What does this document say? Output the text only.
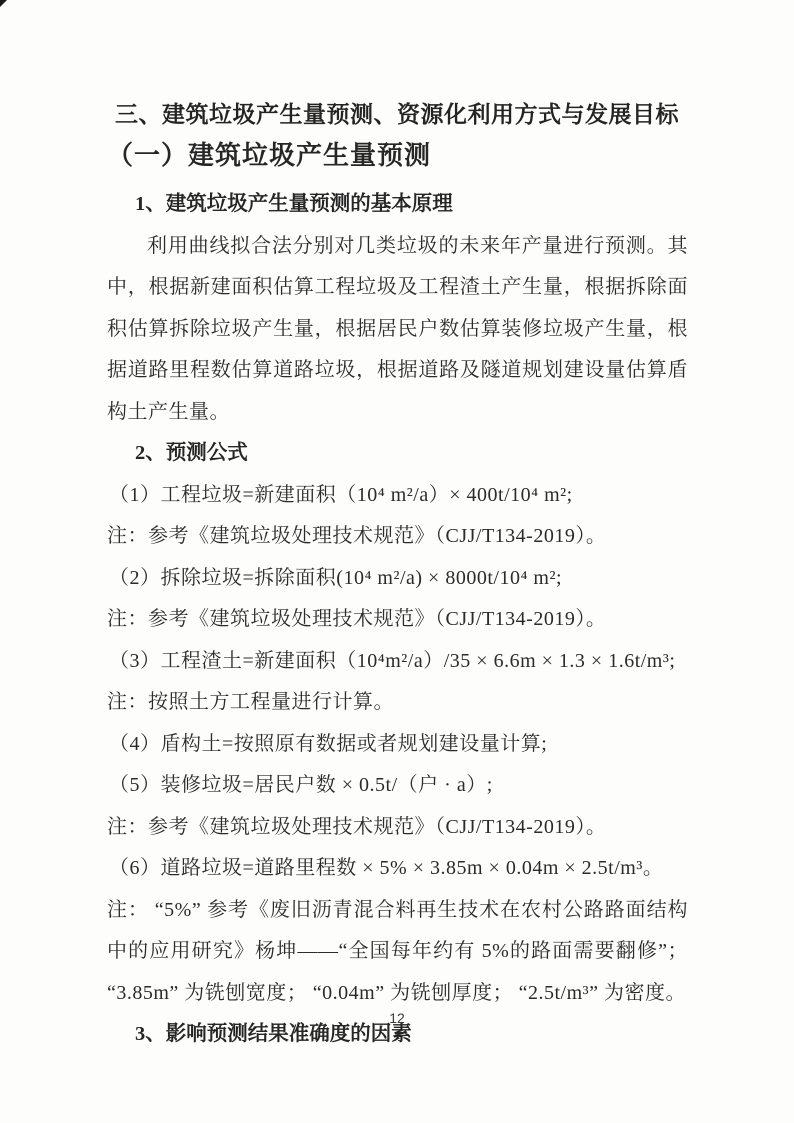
三、建筑垃圾产生量预测、资源化利用方式与发展目标
（一）建筑垃圾产生量预测
1、建筑垃圾产生量预测的基本原理

利用曲线拟合法分别对几类垃圾的未来年产量进行预测。其中，根据新建面积估算工程垃圾及工程渣土产生量，根据拆除面积估算拆除垃圾产生量，根据居民户数估算装修垃圾产生量，根据道路里程数估算道路垃圾，根据道路及隧道规划建设量估算盾构土产生量。

2、预测公式

（1）工程垃圾=新建面积（10⁴ m²/a）× 400t/10⁴ m²;

注：参考《建筑垃圾处理技术规范》（CJJ/T134-2019）。

（2）拆除垃圾=拆除面积(10⁴ m²/a) × 8000t/10⁴ m²;

注：参考《建筑垃圾处理技术规范》（CJJ/T134-2019）。

（3）工程渣土=新建面积（10⁴m²/a）/35 × 6.6m × 1.3 × 1.6t/m³;

注：按照土方工程量进行计算。

（4）盾构土=按照原有数据或者规划建设量计算;

（5）装修垃圾=居民户数 × 0.5t/（户 · a）;

注：参考《建筑垃圾处理技术规范》（CJJ/T134-2019）。

（6）道路垃圾=道路里程数 × 5% × 3.85m × 0.04m × 2.5t/m³。

注： “5%” 参考《废旧沥青混合料再生技术在农村公路路面结构中的应用研究》杨坤——“全国每年约有 5%的路面需要翻修”； “3.85m” 为铣刨宽度； “0.04m” 为铣刨厚度； “2.5t/m³” 为密度。

3、影响预测结果准确度的因素
12
